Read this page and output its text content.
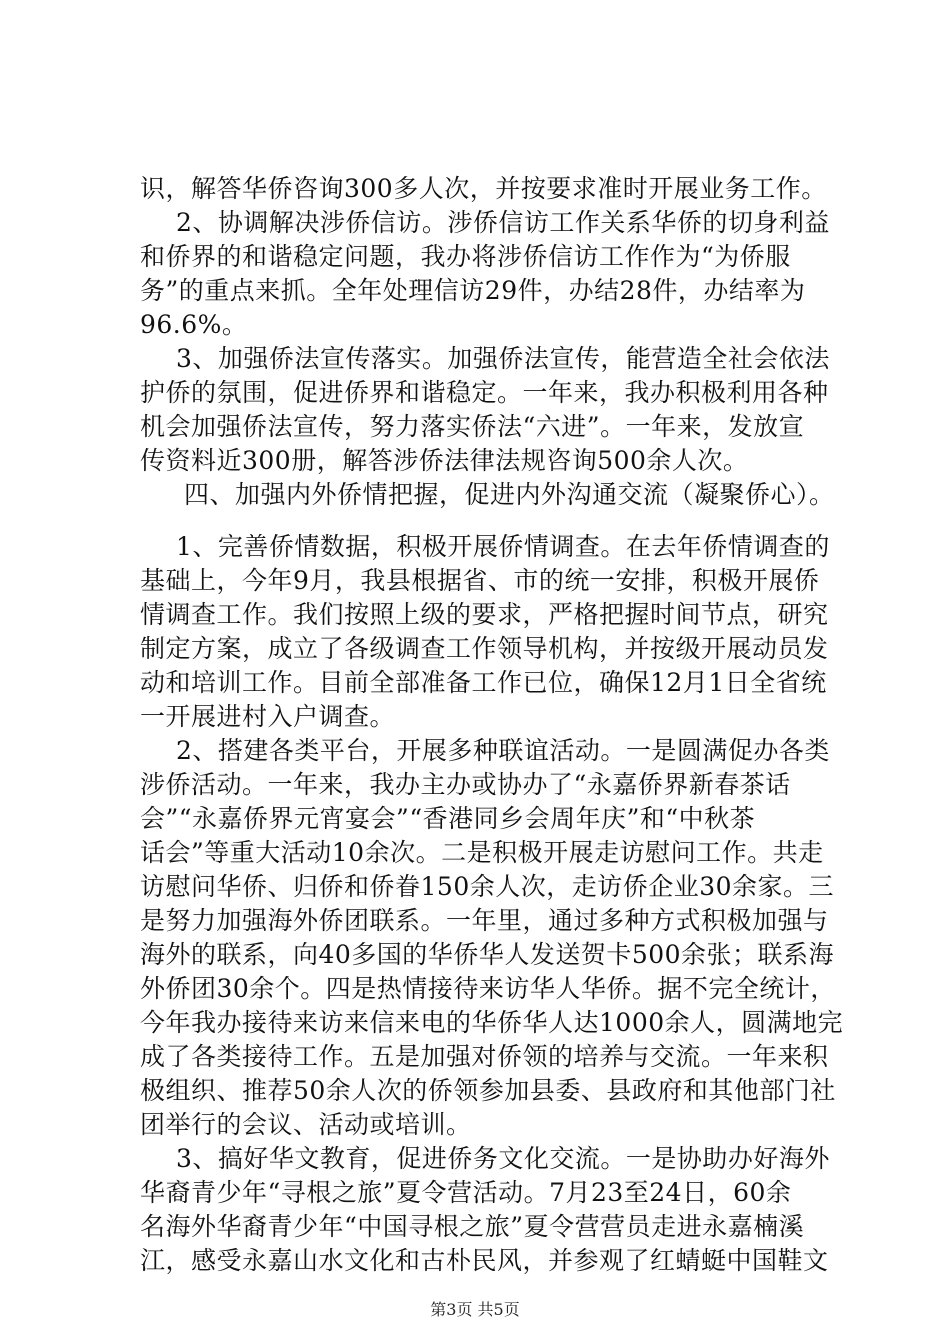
识，解答华侨咨询300多人次，并按要求准时开展业务工作。
2、协调解决涉侨信访。涉侨信访工作关系华侨的切身利益
和侨界的和谐稳定问题，我办将涉侨信访工作作为“为侨服
务”的重点来抓。全年处理信访29件，办结28件，办结率为
96.6%。
3、加强侨法宣传落实。加强侨法宣传，能营造全社会依法
护侨的氛围，促进侨界和谐稳定。一年来，我办积极利用各种
机会加强侨法宣传，努力落实侨法“六进”。一年来，发放宣
传资料近300册，解答涉侨法律法规咨询500余人次。
四、加强内外侨情把握，促进内外沟通交流（凝聚侨心）。
1、完善侨情数据，积极开展侨情调查。在去年侨情调查的
基础上，今年9月，我县根据省、市的统一安排，积极开展侨
情调查工作。我们按照上级的要求，严格把握时间节点，研究
制定方案，成立了各级调查工作领导机构，并按级开展动员发
动和培训工作。目前全部准备工作已位，确保12月1日全省统
一开展进村入户调查。
2、搭建各类平台，开展多种联谊活动。一是圆满促办各类
涉侨活动。一年来，我办主办或协办了“永嘉侨界新春茶话
会”“永嘉侨界元宵宴会”“香港同乡会周年庆”和“中秋茶
话会”等重大活动10余次。二是积极开展走访慰问工作。共走
访慰问华侨、归侨和侨眷150余人次，走访侨企业30余家。三
是努力加强海外侨团联系。一年里，通过多种方式积极加强与
海外的联系，向40多国的华侨华人发送贺卡500余张；联系海
外侨团30余个。四是热情接待来访华人华侨。据不完全统计，
今年我办接待来访来信来电的华侨华人达1000余人，圆满地完
成了各类接待工作。五是加强对侨领的培养与交流。一年来积
极组织、推荐50余人次的侨领参加县委、县政府和其他部门社
团举行的会议、活动或培训。
3、搞好华文教育，促进侨务文化交流。一是协助办好海外
华裔青少年“寻根之旅”夏令营活动。7月23至24日，60余
名海外华裔青少年“中国寻根之旅”夏令营营员走进永嘉楠溪
江，感受永嘉山水文化和古朴民风，并参观了红蜻蜓中国鞋文
第3页 共5页
